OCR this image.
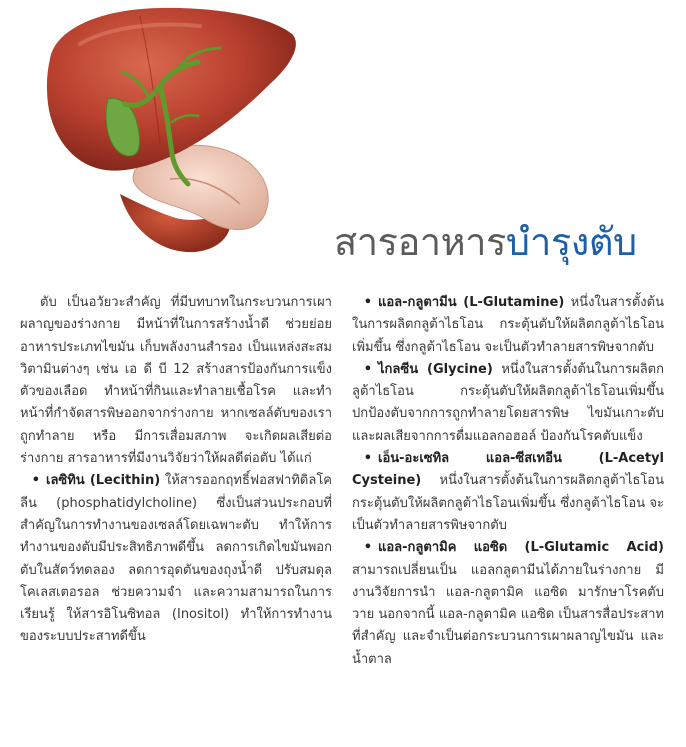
สารอาหารบำรุงตับ

ตับ เป็นอวัยวะสำคัญ ที่มีบทบาทในกระบวนการเผาผลาญของร่างกาย มีหน้าที่ในการสร้างน้ำดี ช่วยย่อยอาหารประเภทไขมัน เก็บพลังงานสำรอง เป็นแหล่งสะสมวิตามินต่างๆ เช่น เอ ดี บี 12 สร้างสารป้องกันการแข็งตัวของเลือด ทำหน้าที่กินและทำลายเชื้อโรค และทำหน้าที่กำจัดสารพิษออกจากร่างกาย หากเซลล์ตับของเราถูกทำลาย หรือ มีการเสื่อมสภาพ จะเกิดผลเสียต่อร่างกาย สารอาหารที่มีงานวิจัยว่าให้ผลดีต่อตับ ได้แก่

• เลซิทิน (Lecithin) ให้สารออกฤทธิ์ฟอสฟาทิดิลโคลีน (phosphatidylcholine) ซึ่งเป็นส่วนประกอบที่สำคัญในการทำงานของเซลล์โดยเฉพาะตับ ทำให้การทำงานของตับมีประสิทธิภาพดีขึ้น ลดการเกิดไขมันพอกตับในสัตว์ทดลอง ลดการอุดตันของถุงน้ำดี ปรับสมดุลโคเลสเตอรอล ช่วยความจำ และความสามารถในการเรียนรู้ ให้สารอิโนซิทอล (Inositol) ทำให้การทำงานของระบบประสาทดีขึ้น

• แอล-กลูตามีน (L-Glutamine) หนึ่งในสารตั้งต้นในการผลิตกลูต้าไธโอน กระตุ้นตับให้ผลิตกลูต้าไธโอนเพิ่มขึ้น ซึ่งกลูต้าไธโอน จะเป็นตัวทำลายสารพิษจากตับ

• ไกลซีน (Glycine) หนึ่งในสารตั้งต้นในการผลิตกลูต้าไธโอน กระตุ้นตับให้ผลิตกลูต้าไธโอนเพิ่มขึ้น ปกป้องตับจากการถูกทำลายโดยสารพิษ ไขมันเกาะตับ และผลเสียจากการดื่มแอลกอฮอล์ ป้องกันโรคตับแข็ง

• เอ็น-อะเซทิล แอล-ซีสเทอีน (L-Acetyl Cysteine) หนึ่งในสารตั้งต้นในการผลิตกลูต้าไธโอน กระตุ้นตับให้ผลิตกลูต้าไธโอนเพิ่มขึ้น ซึ่งกลูต้าไธโอน จะเป็นตัวทำลายสารพิษจากตับ

• แอล-กลูตามิค แอซิด (L-Glutamic Acid) สามารถเปลี่ยนเป็น แอลกลูตามีนได้ภายในร่างกาย มีงานวิจัยการนำ แอล-กลูตามิค แอซิด มารักษาโรคตับวาย นอกจากนี้ แอล-กลูตามิค แอซิด เป็นสารสื่อประสาทที่สำคัญ และจำเป็นต่อกระบวนการเผาผลาญไขมัน และน้ำตาล
